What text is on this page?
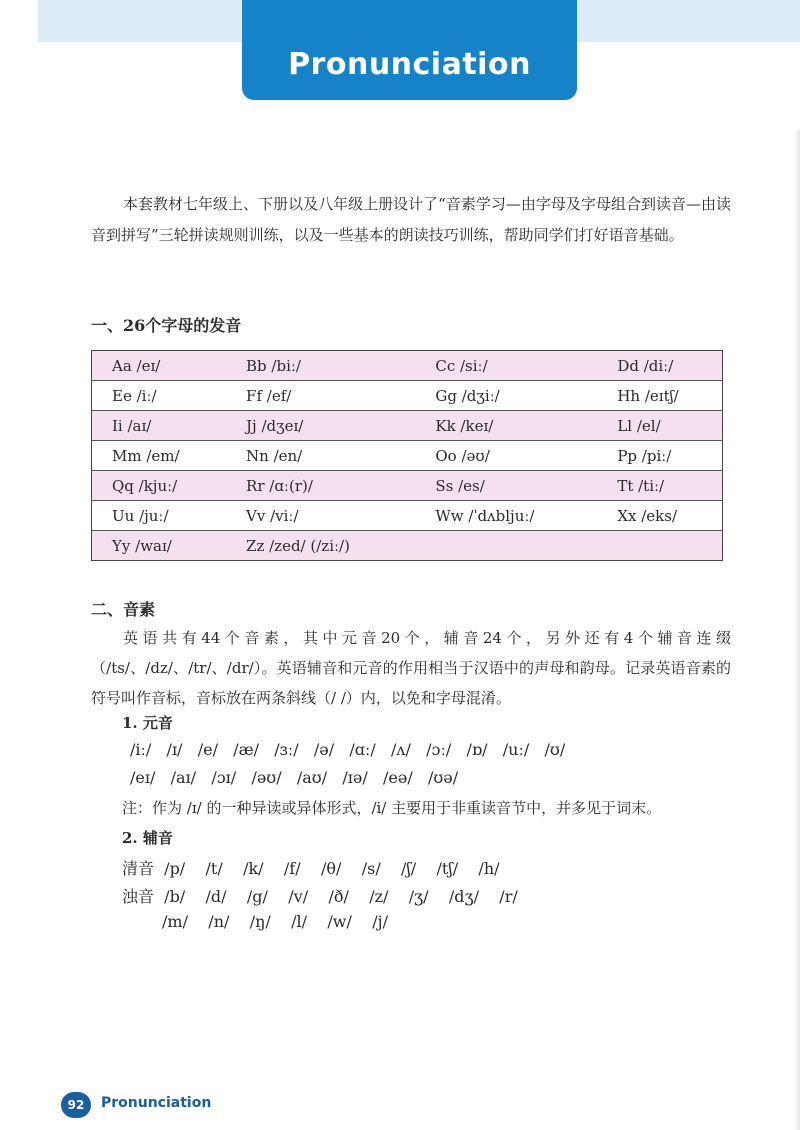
Pronunciation

本套教材七年级上、下册以及八年级上册设计了“音素学习—由字母及字母组合到读音—由读音到拼写”三轮拼读规则训练，以及一些基本的朗读技巧训练，帮助同学们打好语音基础。

一、26个字母的发音

Aa /eɪ/	Bb /biː/	Cc /siː/	Dd /diː/
Ee /iː/	Ff /ef/	Gg /dʒiː/	Hh /eɪtʃ/
Ii /aɪ/	Jj /dʒeɪ/	Kk /keɪ/	Ll /el/
Mm /em/	Nn /en/	Oo /əʊ/	Pp /piː/
Qq /kjuː/	Rr /ɑː(r)/	Ss /es/	Tt /tiː/
Uu /juː/	Vv /viː/	Ww /ˈdʌbljuː/	Xx /eks/
Yy /waɪ/	Zz /zed/ (/ziː/)		

二、音素

英语共有44个音素，其中元音20个，辅音24个，另外还有4个辅音连缀（/ts/、/dz/、/tr/、/dr/）。英语辅音和元音的作用相当于汉语中的声母和韵母。记录英语音素的符号叫作音标，音标放在两条斜线（/ /）内，以免和字母混淆。

1. 元音

/iː/   /ɪ/   /e/   /æ/   /ɜː/   /ə/   /ɑː/   /ʌ/   /ɔː/   /ɒ/   /uː/   /ʊ/

/eɪ/   /aɪ/   /ɔɪ/   /əʊ/   /aʊ/   /ɪə/   /eə/   /ʊə/

注：作为 /ɪ/ 的一种异读或异体形式，/i/ 主要用于非重读音节中，并多见于词末。

2. 辅音

清音  /p/    /t/    /k/    /f/    /θ/    /s/    /ʃ/    /tʃ/    /h/

浊音  /b/    /d/    /g/    /v/    /ð/    /z/    /ʒ/    /dʒ/    /r/

/m/    /n/    /ŋ/    /l/    /w/    /j/

92 Pronunciation
